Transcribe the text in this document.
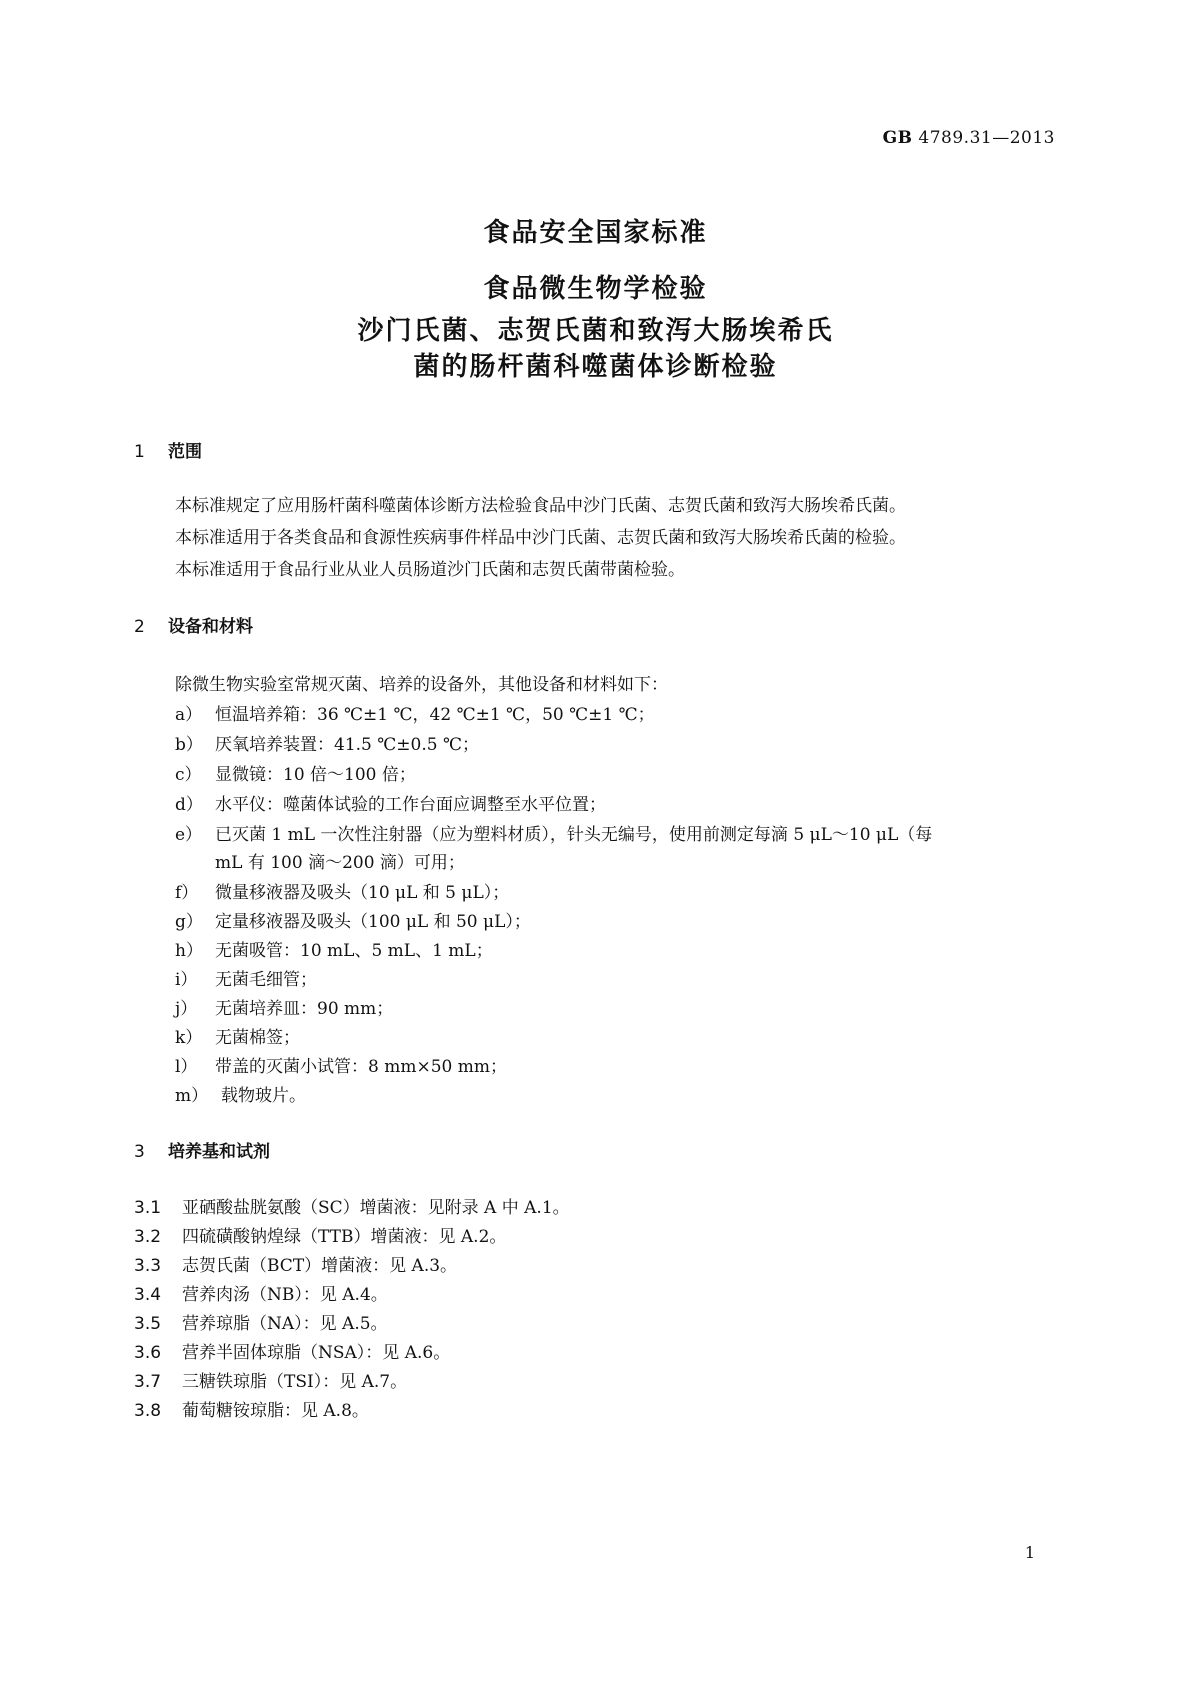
GB 4789.31—2013
食品安全国家标准
食品微生物学检验
沙门氏菌、志贺氏菌和致泻大肠埃希氏
菌的肠杆菌科噬菌体诊断检验
1 范围
本标准规定了应用肠杆菌科噬菌体诊断方法检验食品中沙门氏菌、志贺氏菌和致泻大肠埃希氏菌。
本标准适用于各类食品和食源性疾病事件样品中沙门氏菌、志贺氏菌和致泻大肠埃希氏菌的检验。
本标准适用于食品行业从业人员肠道沙门氏菌和志贺氏菌带菌检验。
2 设备和材料
除微生物实验室常规灭菌、培养的设备外，其他设备和材料如下：
a） 恒温培养箱：36 ℃±1 ℃，42 ℃±1 ℃，50 ℃±1 ℃；
b） 厌氧培养装置：41.5 ℃±0.5 ℃；
c） 显微镜：10 倍～100 倍；
d） 水平仪：噬菌体试验的工作台面应调整至水平位置；
e） 已灭菌 1 mL 一次性注射器（应为塑料材质），针头无编号，使用前测定每滴 5 μL～10 μL（每
mL 有 100 滴～200 滴）可用；
f） 微量移液器及吸头（10 μL 和 5 μL）；
g） 定量移液器及吸头（100 μL 和 50 μL）；
h） 无菌吸管：10 mL、5 mL、1 mL；
i） 无菌毛细管；
j） 无菌培养皿：90 mm；
k） 无菌棉签；
l） 带盖的灭菌小试管：8 mm×50 mm；
m） 载物玻片。
3 培养基和试剂
3.1 亚硒酸盐胱氨酸（SC）增菌液：见附录 A 中 A.1。
3.2 四硫磺酸钠煌绿（TTB）增菌液：见 A.2。
3.3 志贺氏菌（BCT）增菌液：见 A.3。
3.4 营养肉汤（NB）：见 A.4。
3.5 营养琼脂（NA）：见 A.5。
3.6 营养半固体琼脂（NSA）：见 A.6。
3.7 三糖铁琼脂（TSI）：见 A.7。
3.8 葡萄糖铵琼脂：见 A.8。
1
